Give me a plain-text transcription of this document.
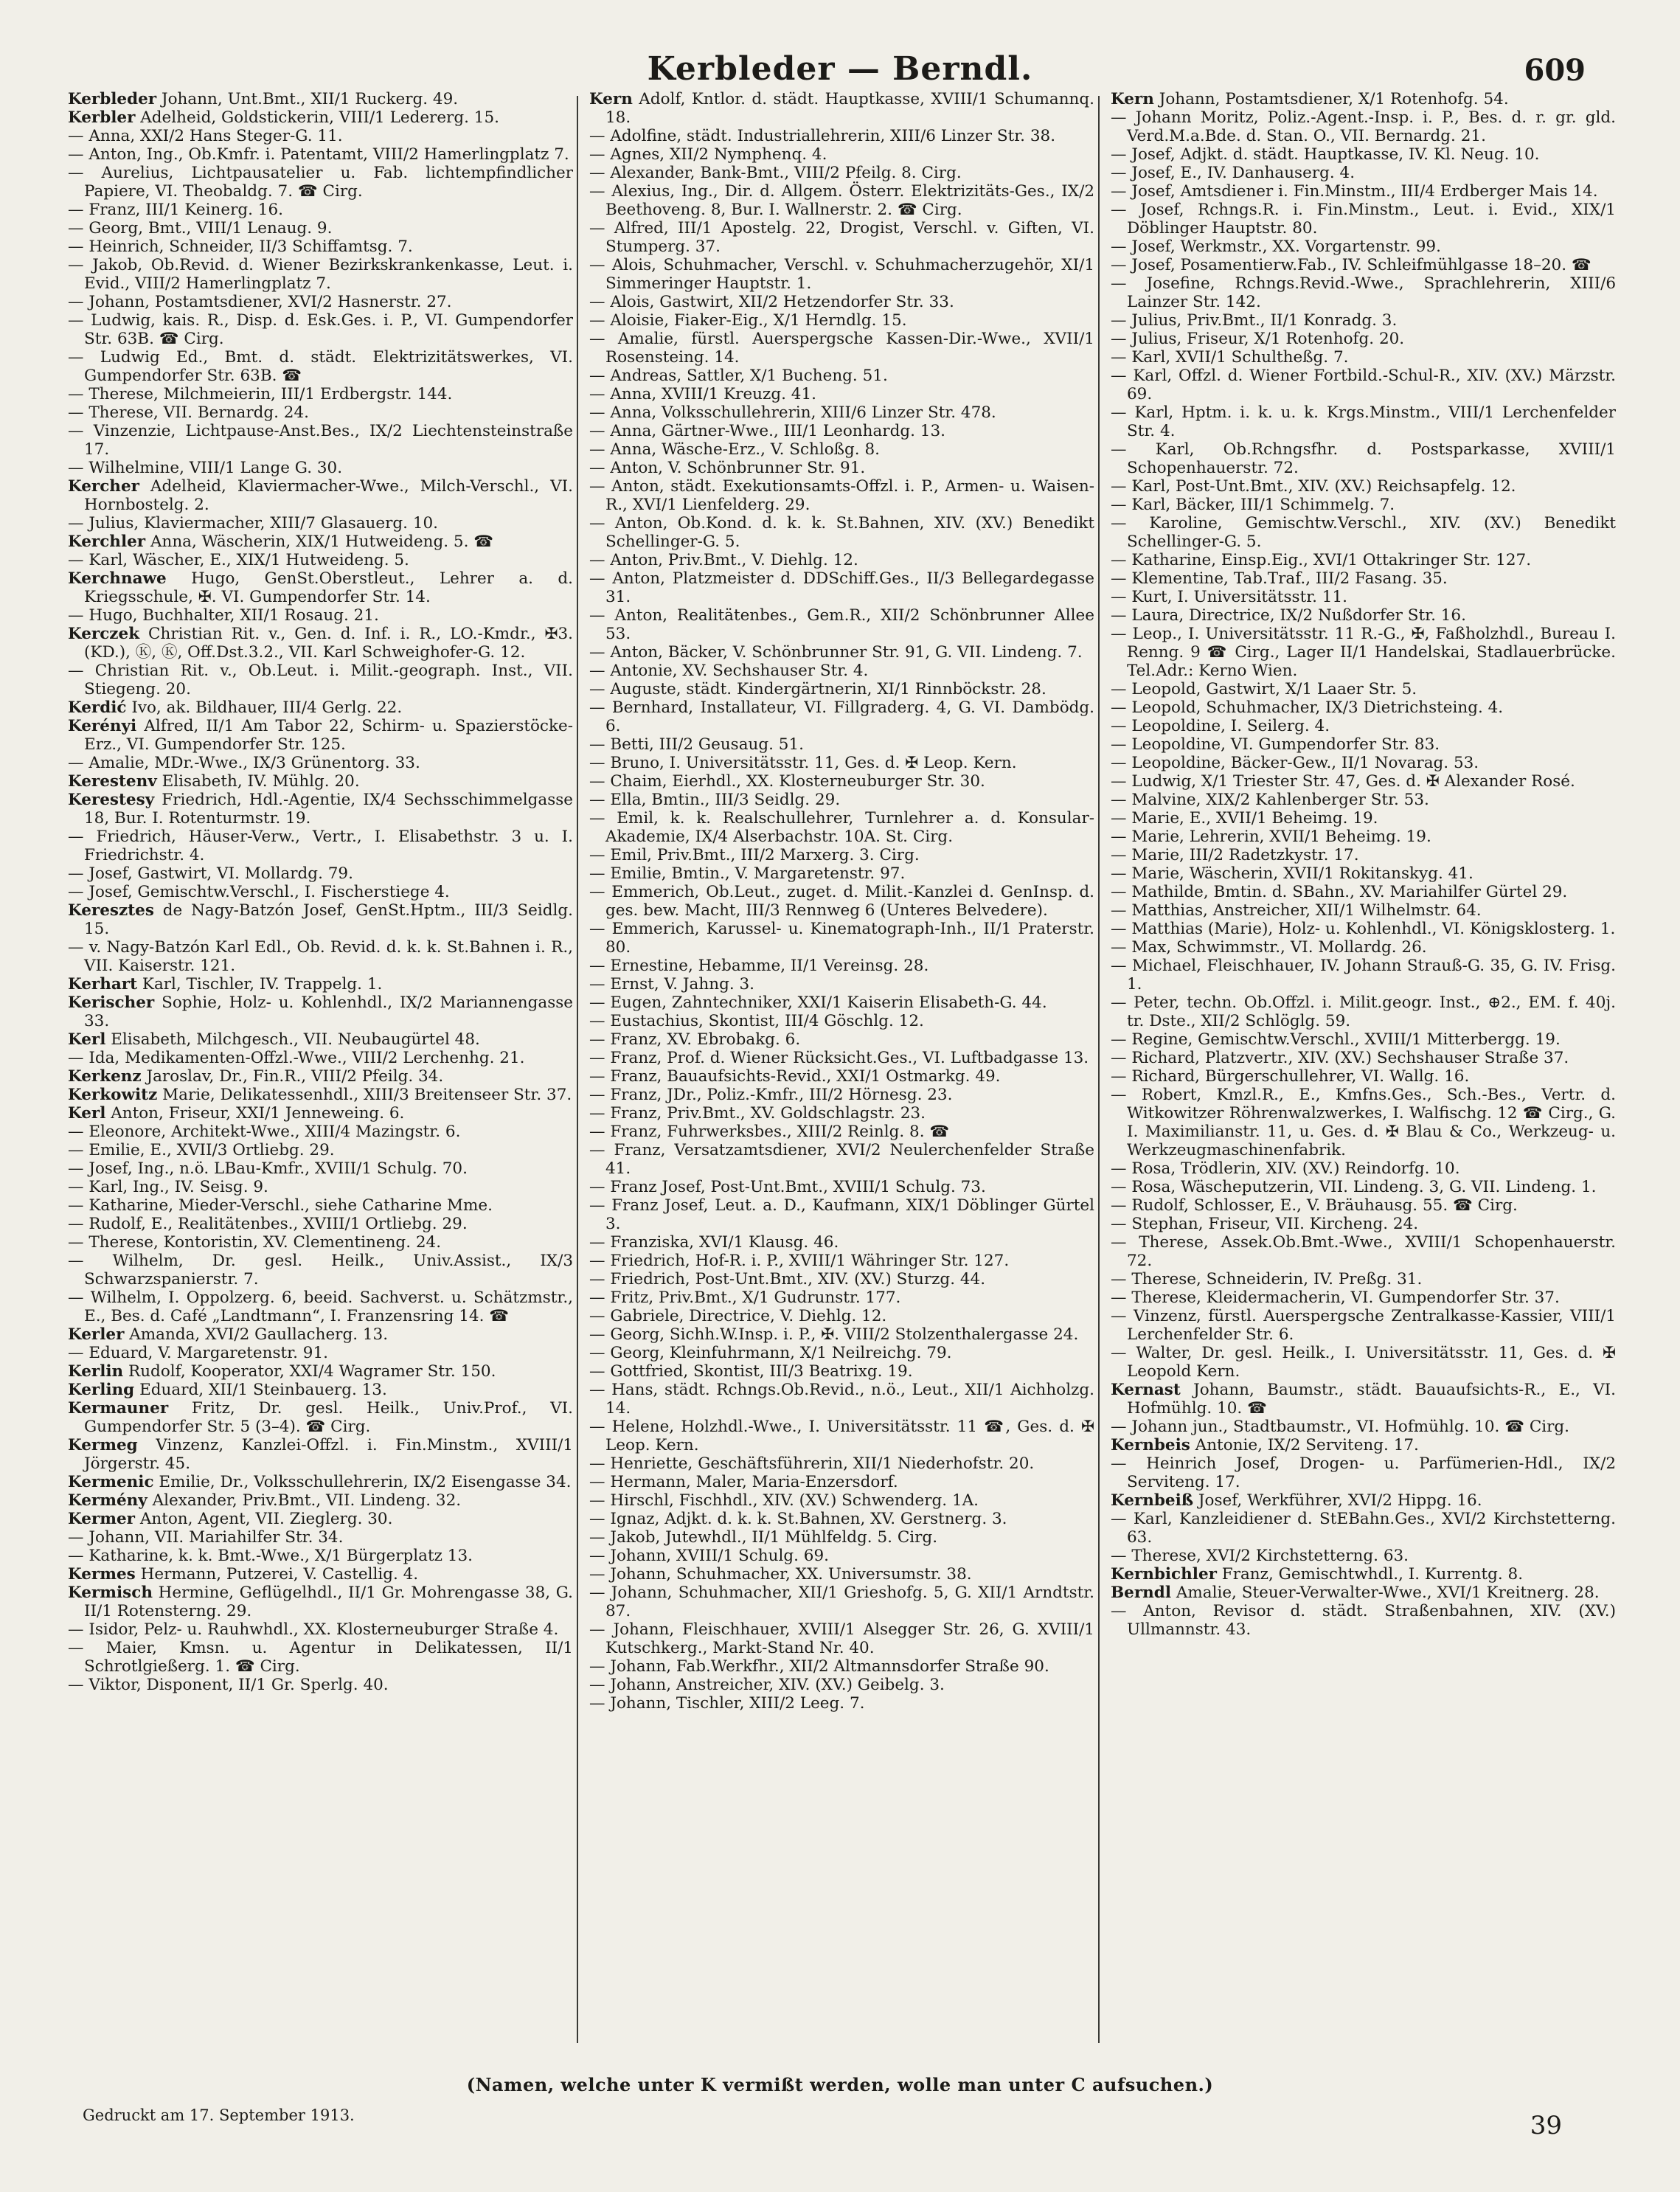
Kerbleder — Berndl.	609

Kerbleder Johann, Unt.Bmt., XII/1 Ruckerg. 49.

Kerbler Adelheid, Goldstickerin, VIII/1 Ledererg. 15.

— Anna, XXI/2 Hans Steger-G. 11.

— Anton, Ing., Ob.Kmfr. i. Patentamt, VIII/2 Hamerlingplatz 7.

— Aurelius, Lichtpausatelier u. Fab. lichtempfindlicher Papiere, VI. Theobaldg. 7. ☎ Cirg.

— Franz, III/1 Keinerg. 16.

— Georg, Bmt., VIII/1 Lenaug. 9.

— Heinrich, Schneider, II/3 Schiffamtsg. 7.

— Jakob, Ob.Revid. d. Wiener Bezirkskrankenkasse, Leut. i. Evid., VIII/2 Hamerlingplatz 7.

— Johann, Postamtsdiener, XVI/2 Hasnerstr. 27.

— Ludwig, kais. R., Disp. d. Esk.Ges. i. P., VI. Gumpendorfer Str. 63B. ☎ Cirg.

— Ludwig Ed., Bmt. d. städt. Elektrizitätswerkes, VI. Gumpendorfer Str. 63B. ☎

— Therese, Milchmeierin, III/1 Erdbergstr. 144.

— Therese, VII. Bernardg. 24.

— Vinzenzie, Lichtpause-Anst.Bes., IX/2 Liechtensteinstraße 17.

— Wilhelmine, VIII/1 Lange G. 30.

Kercher Adelheid, Klaviermacher-Wwe., Milch-Verschl., VI. Hornbostelg. 2.

— Julius, Klaviermacher, XIII/7 Glasauerg. 10.

Kerchler Anna, Wäscherin, XIX/1 Hutweideng. 5. ☎

— Karl, Wäscher, E., XIX/1 Hutweideng. 5.

Kerchnawe Hugo, GenSt.Oberstleut., Lehrer a. d. Kriegsschule, ✠. VI. Gumpendorfer Str. 14.

— Hugo, Buchhalter, XII/1 Rosaug. 21.

Kerczek Christian Rit. v., Gen. d. Inf. i. R., LO.-Kmdr., ✠3. (KD.), Ⓚ, Ⓚ, Off.Dst.3.2., VII. Karl Schweighofer-G. 12.

— Christian Rit. v., Ob.Leut. i. Milit.-geograph. Inst., VII. Stiegeng. 20.

Kerdić Ivo, ak. Bildhauer, III/4 Gerlg. 22.

Kerényi Alfred, II/1 Am Tabor 22, Schirm- u. Spazierstöcke-Erz., VI. Gumpendorfer Str. 125.

— Amalie, MDr.-Wwe., IX/3 Grünentorg. 33.

Kerestenv Elisabeth, IV. Mühlg. 20.

Kerestesy Friedrich, Hdl.-Agentie, IX/4 Sechsschimmelgasse 18, Bur. I. Rotenturmstr. 19.

— Friedrich, Häuser-Verw., Vertr., I. Elisabethstr. 3 u. I. Friedrichstr. 4.

— Josef, Gastwirt, VI. Mollardg. 79.

— Josef, Gemischtw.Verschl., I. Fischerstiege 4.

Keresztes de Nagy-Batzón Josef, GenSt.Hptm., III/3 Seidlg. 15.

— v. Nagy-Batzón Karl Edl., Ob. Revid. d. k. k. St.Bahnen i. R., VII. Kaiserstr. 121.

Kerhart Karl, Tischler, IV. Trappelg. 1.

Kerischer Sophie, Holz- u. Kohlenhdl., IX/2 Mariannengasse 33.

Kerl Elisabeth, Milchgesch., VII. Neubaugürtel 48.

— Ida, Medikamenten-Offzl.-Wwe., VIII/2 Lerchenhg. 21.

Kerkenz Jaroslav, Dr., Fin.R., VIII/2 Pfeilg. 34.

Kerkowitz Marie, Delikatessenhdl., XIII/3 Breitenseer Str. 37.

Kerl Anton, Friseur, XXI/1 Jenneweing. 6.

— Eleonore, Architekt-Wwe., XIII/4 Mazingstr. 6.

— Emilie, E., XVII/3 Ortliebg. 29.

— Josef, Ing., n.ö. LBau-Kmfr., XVIII/1 Schulg. 70.

— Karl, Ing., IV. Seisg. 9.

— Katharine, Mieder-Verschl., siehe Catharine Mme.

— Rudolf, E., Realitätenbes., XVIII/1 Ortliebg. 29.

— Therese, Kontoristin, XV. Clementineng. 24.

— Wilhelm, Dr. gesl. Heilk., Univ.Assist., IX/3 Schwarzspanierstr. 7.

— Wilhelm, I. Oppolzerg. 6, beeid. Sachverst. u. Schätzmstr., E., Bes. d. Café „Landtmann“, I. Franzensring 14. ☎

Kerler Amanda, XVI/2 Gaullacherg. 13.

— Eduard, V. Margaretenstr. 91.

Kerlin Rudolf, Kooperator, XXI/4 Wagramer Str. 150.

Kerling Eduard, XII/1 Steinbauerg. 13.

Kermauner Fritz, Dr. gesl. Heilk., Univ.Prof., VI. Gumpendorfer Str. 5 (3–4). ☎ Cirg.

Kermeg Vinzenz, Kanzlei-Offzl. i. Fin.Minstm., XVIII/1 Jörgerstr. 45.

Kermenic Emilie, Dr., Volksschullehrerin, IX/2 Eisengasse 34.

Kermény Alexander, Priv.Bmt., VII. Lindeng. 32.

Kermer Anton, Agent, VII. Zieglerg. 30.

— Johann, VII. Mariahilfer Str. 34.

— Katharine, k. k. Bmt.-Wwe., X/1 Bürgerplatz 13.

Kermes Hermann, Putzerei, V. Castellig. 4.

Kermisch Hermine, Geflügelhdl., II/1 Gr. Mohrengasse 38, G. II/1 Rotensterng. 29.

— Isidor, Pelz- u. Rauhwhdl., XX. Klosterneuburger Straße 4.

— Maier, Kmsn. u. Agentur in Delikatessen, II/1 Schrotlgießerg. 1. ☎ Cirg.

— Viktor, Disponent, II/1 Gr. Sperlg. 40.

Kern Adolf, Kntlor. d. städt. Hauptkasse, XVIII/1 Schumannq. 18.

— Adolfine, städt. Industriallehrerin, XIII/6 Linzer Str. 38.

— Agnes, XII/2 Nymphenq. 4.

— Alexander, Bank-Bmt., VIII/2 Pfeilg. 8. Cirg.

— Alexius, Ing., Dir. d. Allgem. Österr. Elektrizitäts-Ges., IX/2 Beethoveng. 8, Bur. I. Wallnerstr. 2. ☎ Cirg.

— Alfred, III/1 Apostelg. 22, Drogist, Verschl. v. Giften, VI. Stumperg. 37.

— Alois, Schuhmacher, Verschl. v. Schuhmacherzugehör, XI/1 Simmeringer Hauptstr. 1.

— Alois, Gastwirt, XII/2 Hetzendorfer Str. 33.

— Aloisie, Fiaker-Eig., X/1 Herndlg. 15.

— Amalie, fürstl. Auerspergsche Kassen-Dir.-Wwe., XVII/1 Rosensteing. 14.

— Andreas, Sattler, X/1 Bucheng. 51.

— Anna, XVIII/1 Kreuzg. 41.

— Anna, Volksschullehrerin, XIII/6 Linzer Str. 478.

— Anna, Gärtner-Wwe., III/1 Leonhardg. 13.

— Anna, Wäsche-Erz., V. Schloßg. 8.

— Anton, V. Schönbrunner Str. 91.

— Anton, städt. Exekutionsamts-Offzl. i. P., Armen- u. Waisen-R., XVI/1 Lienfelderg. 29.

— Anton, Ob.Kond. d. k. k. St.Bahnen, XIV. (XV.) Benedikt Schellinger-G. 5.

— Anton, Priv.Bmt., V. Diehlg. 12.

— Anton, Platzmeister d. DDSchiff.Ges., II/3 Bellegardegasse 31.

— Anton, Realitätenbes., Gem.R., XII/2 Schönbrunner Allee 53.

— Anton, Bäcker, V. Schönbrunner Str. 91, G. VII. Lindeng. 7.

— Antonie, XV. Sechshauser Str. 4.

— Auguste, städt. Kindergärtnerin, XI/1 Rinnböckstr. 28.

— Bernhard, Installateur, VI. Fillgraderg. 4, G. VI. Dambödg. 6.

— Betti, III/2 Geusaug. 51.

— Bruno, I. Universitätsstr. 11, Ges. d. ✠ Leop. Kern.

— Chaim, Eierhdl., XX. Klosterneuburger Str. 30.

— Ella, Bmtin., III/3 Seidlg. 29.

— Emil, k. k. Realschullehrer, Turnlehrer a. d. Konsular-Akademie, IX/4 Alserbachstr. 10A. St. Cirg.

— Emil, Priv.Bmt., III/2 Marxerg. 3. Cirg.

— Emilie, Bmtin., V. Margaretenstr. 97.

— Emmerich, Ob.Leut., zuget. d. Milit.-Kanzlei d. GenInsp. d. ges. bew. Macht, III/3 Rennweg 6 (Unteres Belvedere).

— Emmerich, Karussel- u. Kinematograph-Inh., II/1 Praterstr. 80.

— Ernestine, Hebamme, II/1 Vereinsg. 28.

— Ernst, V. Jahng. 3.

— Eugen, Zahntechniker, XXI/1 Kaiserin Elisabeth-G. 44.

— Eustachius, Skontist, III/4 Göschlg. 12.

— Franz, XV. Ebrobakg. 6.

— Franz, Prof. d. Wiener Rücksicht.Ges., VI. Luftbadgasse 13.

— Franz, Bauaufsichts-Revid., XXI/1 Ostmarkg. 49.

— Franz, JDr., Poliz.-Kmfr., III/2 Hörnesg. 23.

— Franz, Priv.Bmt., XV. Goldschlagstr. 23.

— Franz, Fuhrwerksbes., XIII/2 Reinlg. 8. ☎

— Franz, Versatzamtsdiener, XVI/2 Neulerchenfelder Straße 41.

— Franz Josef, Post-Unt.Bmt., XVIII/1 Schulg. 73.

— Franz Josef, Leut. a. D., Kaufmann, XIX/1 Döblinger Gürtel 3.

— Franziska, XVI/1 Klausg. 46.

— Friedrich, Hof-R. i. P., XVIII/1 Währinger Str. 127.

— Friedrich, Post-Unt.Bmt., XIV. (XV.) Sturzg. 44.

— Fritz, Priv.Bmt., X/1 Gudrunstr. 177.

— Gabriele, Directrice, V. Diehlg. 12.

— Georg, Sichh.W.Insp. i. P., ✠. VIII/2 Stolzenthalergasse 24.

— Georg, Kleinfuhrmann, X/1 Neilreichg. 79.

— Gottfried, Skontist, III/3 Beatrixg. 19.

— Hans, städt. Rchngs.Ob.Revid., n.ö., Leut., XII/1 Aichholzg. 14.

— Helene, Holzhdl.-Wwe., I. Universitätsstr. 11 ☎, Ges. d. ✠ Leop. Kern.

— Henriette, Geschäftsführerin, XII/1 Niederhofstr. 20.

— Hermann, Maler, Maria-Enzersdorf.

— Hirschl, Fischhdl., XIV. (XV.) Schwenderg. 1A.

— Ignaz, Adjkt. d. k. k. St.Bahnen, XV. Gerstnerg. 3.

— Jakob, Jutewhdl., II/1 Mühlfeldg. 5. Cirg.

— Johann, XVIII/1 Schulg. 69.

— Johann, Schuhmacher, XX. Universumstr. 38.

— Johann, Schuhmacher, XII/1 Grieshofg. 5, G. XII/1 Arndtstr. 87.

— Johann, Fleischhauer, XVIII/1 Alsegger Str. 26, G. XVIII/1 Kutschkerg., Markt-Stand Nr. 40.

— Johann, Fab.Werkfhr., XII/2 Altmannsdorfer Straße 90.

— Johann, Anstreicher, XIV. (XV.) Geibelg. 3.

— Johann, Tischler, XIII/2 Leeg. 7.

Kern Johann, Postamtsdiener, X/1 Rotenhofg. 54.

— Johann Moritz, Poliz.-Agent.-Insp. i. P., Bes. d. r. gr. gld. Verd.M.a.Bde. d. Stan. O., VII. Bernardg. 21.

— Josef, Adjkt. d. städt. Hauptkasse, IV. Kl. Neug. 10.

— Josef, E., IV. Danhauserg. 4.

— Josef, Amtsdiener i. Fin.Minstm., III/4 Erdberger Mais 14.

— Josef, Rchngs.R. i. Fin.Minstm., Leut. i. Evid., XIX/1 Döblinger Hauptstr. 80.

— Josef, Werkmstr., XX. Vorgartenstr. 99.

— Josef, Posamentierw.Fab., IV. Schleifmühlgasse 18–20. ☎

— Josefine, Rchngs.Revid.-Wwe., Sprachlehrerin, XIII/6 Lainzer Str. 142.

— Julius, Priv.Bmt., II/1 Konradg. 3.

— Julius, Friseur, X/1 Rotenhofg. 20.

— Karl, XVII/1 Schultheßg. 7.

— Karl, Offzl. d. Wiener Fortbild.-Schul-R., XIV. (XV.) Märzstr. 69.

— Karl, Hptm. i. k. u. k. Krgs.Minstm., VIII/1 Lerchenfelder Str. 4.

— Karl, Ob.Rchngsfhr. d. Postsparkasse, XVIII/1 Schopenhauerstr. 72.

— Karl, Post-Unt.Bmt., XIV. (XV.) Reichsapfelg. 12.

— Karl, Bäcker, III/1 Schimmelg. 7.

— Karoline, Gemischtw.Verschl., XIV. (XV.) Benedikt Schellinger-G. 5.

— Katharine, Einsp.Eig., XVI/1 Ottakringer Str. 127.

— Klementine, Tab.Traf., III/2 Fasang. 35.

— Kurt, I. Universitätsstr. 11.

— Laura, Directrice, IX/2 Nußdorfer Str. 16.

— Leop., I. Universitätsstr. 11 R.-G., ✠, Faßholzhdl., Bureau I. Renng. 9 ☎ Cirg., Lager II/1 Handelskai, Stadlauerbrücke. Tel.Adr.: Kerno Wien.

— Leopold, Gastwirt, X/1 Laaer Str. 5.

— Leopold, Schuhmacher, IX/3 Dietrichsteing. 4.

— Leopoldine, I. Seilerg. 4.

— Leopoldine, VI. Gumpendorfer Str. 83.

— Leopoldine, Bäcker-Gew., II/1 Novarag. 53.

— Ludwig, X/1 Triester Str. 47, Ges. d. ✠ Alexander Rosé.

— Malvine, XIX/2 Kahlenberger Str. 53.

— Marie, E., XVII/1 Beheimg. 19.

— Marie, Lehrerin, XVII/1 Beheimg. 19.

— Marie, III/2 Radetzkystr. 17.

— Marie, Wäscherin, XVII/1 Rokitanskyg. 41.

— Mathilde, Bmtin. d. SBahn., XV. Mariahilfer Gürtel 29.

— Matthias, Anstreicher, XII/1 Wilhelmstr. 64.

— Matthias (Marie), Holz- u. Kohlenhdl., VI. Königsklosterg. 1.

— Max, Schwimmstr., VI. Mollardg. 26.

— Michael, Fleischhauer, IV. Johann Strauß-G. 35, G. IV. Frisg. 1.

— Peter, techn. Ob.Offzl. i. Milit.geogr. Inst., ⊕2., EM. f. 40j. tr. Dste., XII/2 Schlöglg. 59.

— Regine, Gemischtw.Verschl., XVIII/1 Mitterbergg. 19.

— Richard, Platzvertr., XIV. (XV.) Sechshauser Straße 37.

— Richard, Bürgerschullehrer, VI. Wallg. 16.

— Robert, Kmzl.R., E., Kmfns.Ges., Sch.-Bes., Vertr. d. Witkowitzer Röhrenwalzwerkes, I. Walfischg. 12 ☎ Cirg., G. I. Maximilianstr. 11, u. Ges. d. ✠ Blau & Co., Werkzeug- u. Werkzeugmaschinenfabrik.

— Rosa, Trödlerin, XIV. (XV.) Reindorfg. 10.

— Rosa, Wäscheputzerin, VII. Lindeng. 3, G. VII. Lindeng. 1.

— Rudolf, Schlosser, E., V. Bräuhausg. 55. ☎ Cirg.

— Stephan, Friseur, VII. Kircheng. 24.

— Therese, Assek.Ob.Bmt.-Wwe., XVIII/1 Schopenhauerstr. 72.

— Therese, Schneiderin, IV. Preßg. 31.

— Therese, Kleidermacherin, VI. Gumpendorfer Str. 37.

— Vinzenz, fürstl. Auerspergsche Zentralkasse-Kassier, VIII/1 Lerchenfelder Str. 6.

— Walter, Dr. gesl. Heilk., I. Universitätsstr. 11, Ges. d. ✠ Leopold Kern.

Kernast Johann, Baumstr., städt. Bauaufsichts-R., E., VI. Hofmühlg. 10. ☎

— Johann jun., Stadtbaumstr., VI. Hofmühlg. 10. ☎ Cirg.

Kernbeis Antonie, IX/2 Serviteng. 17.

— Heinrich Josef, Drogen- u. Parfümerien-Hdl., IX/2 Serviteng. 17.

Kernbeiß Josef, Werkführer, XVI/2 Hippg. 16.

— Karl, Kanzleidiener d. StEBahn.Ges., XVI/2 Kirchstetterng. 63.

— Therese, XVI/2 Kirchstetterng. 63.

Kernbichler Franz, Gemischtwhdl., I. Kurrentg. 8.

Berndl Amalie, Steuer-Verwalter-Wwe., XVI/1 Kreitnerg. 28.

— Anton, Revisor d. städt. Straßenbahnen, XIV. (XV.) Ullmannstr. 43.

(Namen, welche unter K vermißt werden, wolle man unter C aufsuchen.)
Gedruckt am 17. September 1913.	39
